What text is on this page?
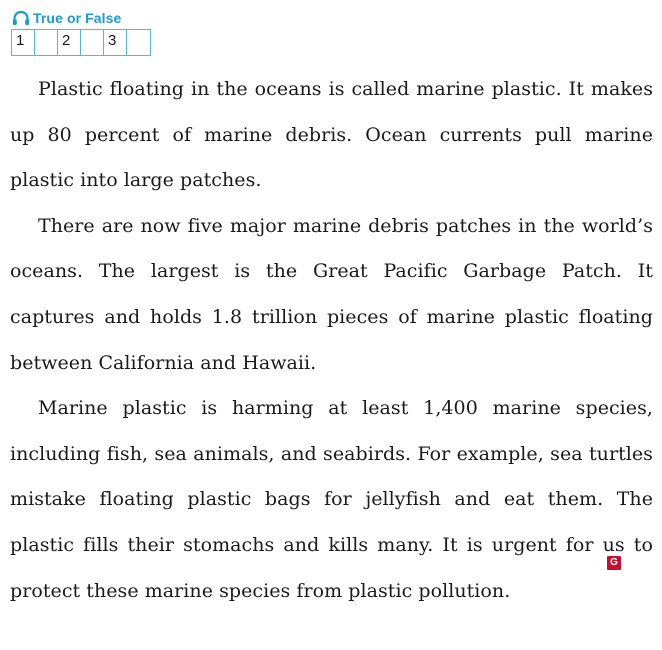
True or False
1	2	3

Plastic floating in the oceans is called marine plastic. It makes up 80 percent of marine debris. Ocean currents pull marine plastic into large patches.

There are now five major marine debris patches in the world’s oceans. The largest is the Great Pacific Garbage Patch. It captures and holds 1.8 trillion pieces of marine plastic floating between California and Hawaii.

Marine plastic is harming at least 1,400 marine species, including fish, sea animals, and seabirds. For example, sea turtles mistake floating plastic bags for jellyfish and eat them. The plastic fills their stomachs and kills many. It is urgent for us to protect these marine species from plastic pollution.

G
